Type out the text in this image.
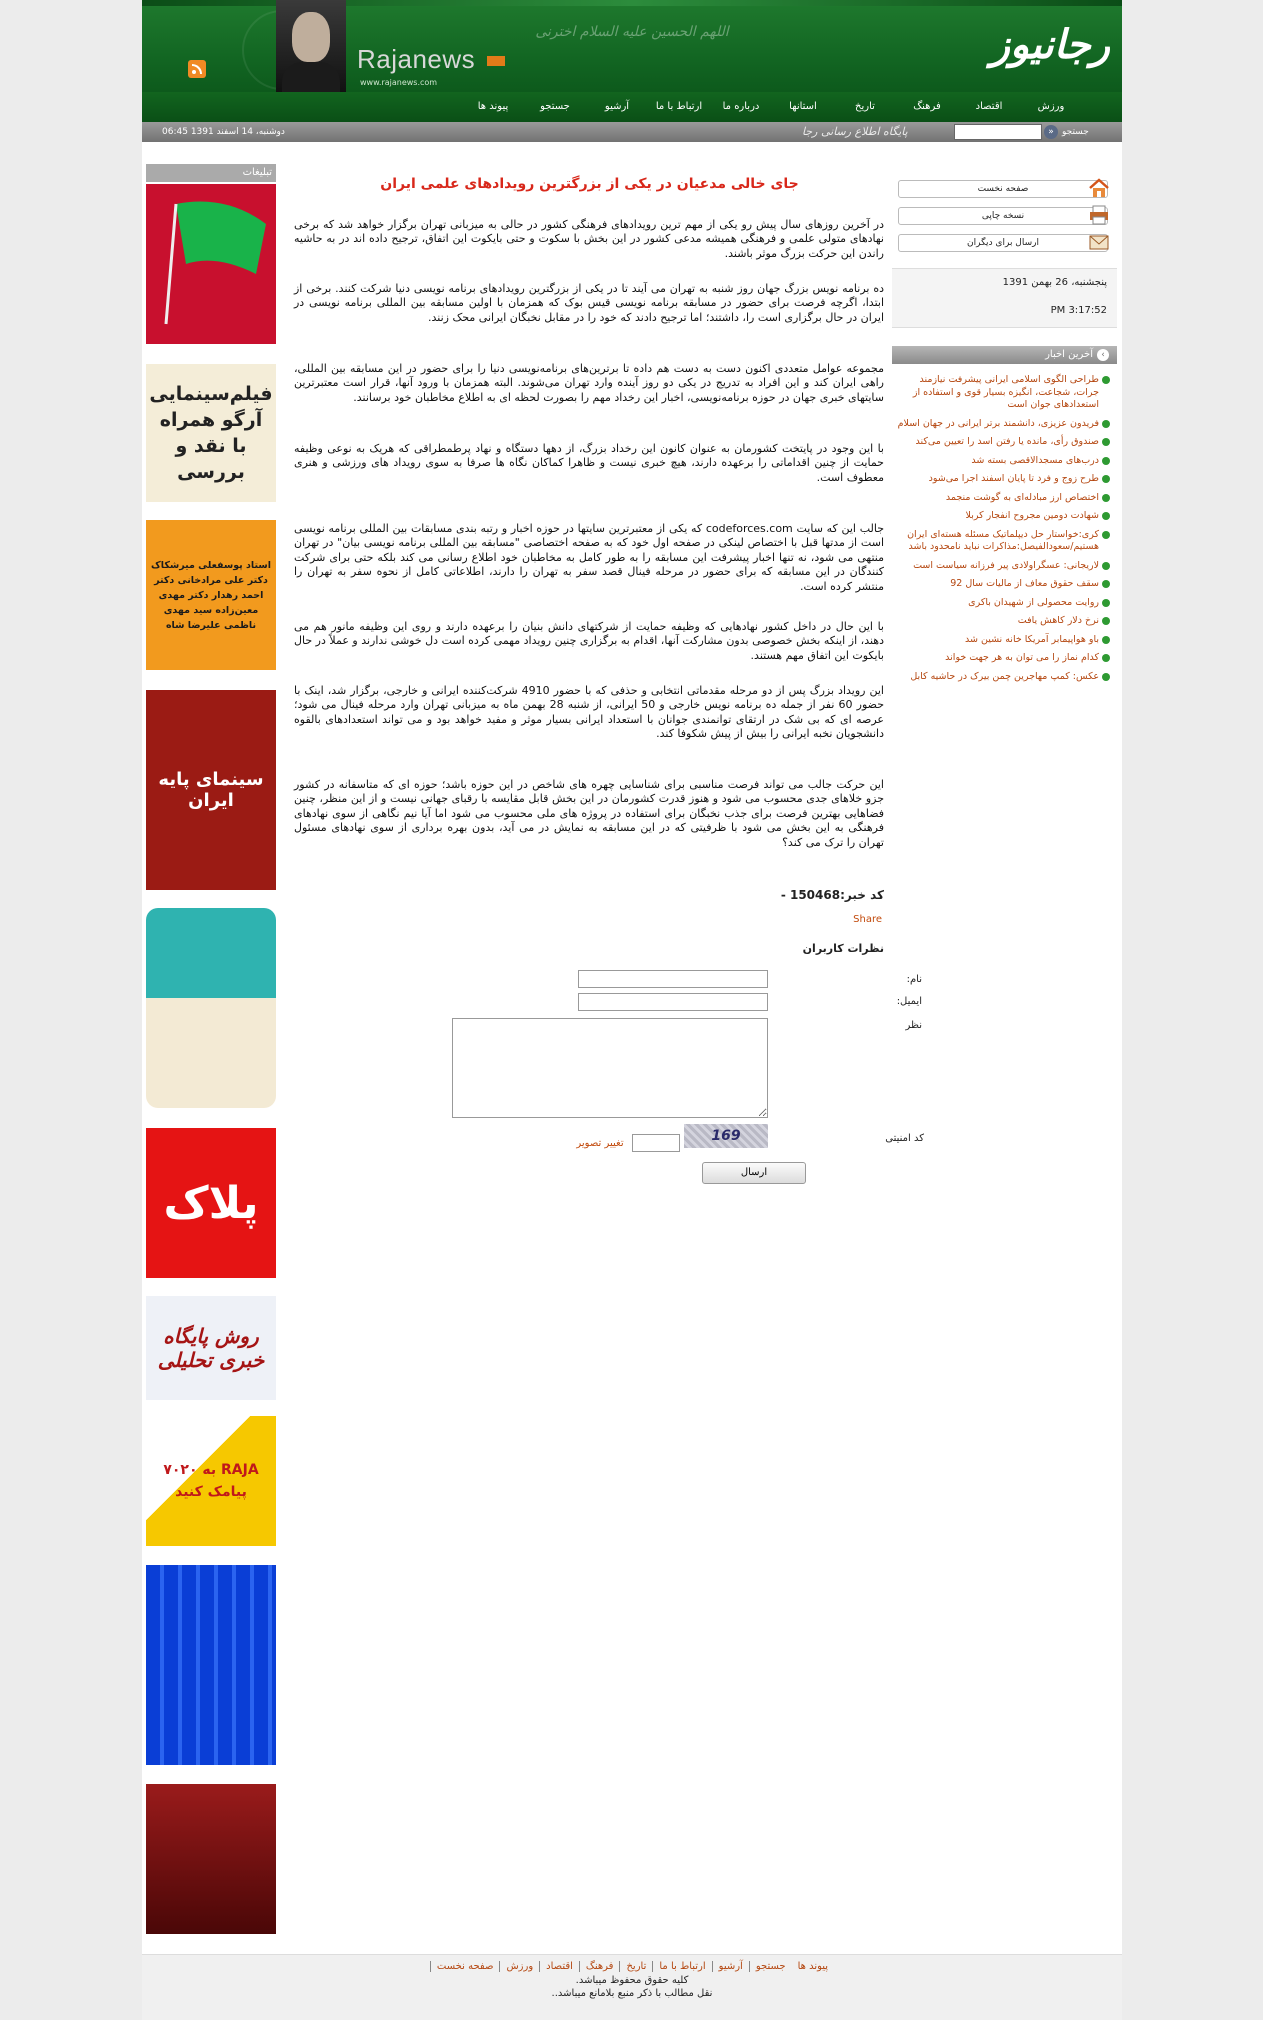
Rajanews
www.rajanews.com
اللهم الحسین علیه السلام اخترنی	رجانیوز
ورزش
اقتصاد
فرهنگ
تاریخ
استانها
درباره ما
ارتباط با ما
آرشیو
جستجو
پیوند ها
دوشنبه، 14 اسفند 1391 06:45	پایگاه اطلاع رسانی رجا	» جستجو
تبلیغات
فیلم‌سینمایی آرگو همراه با نقد و بررسی
استاد پوسفعلی میرشکاک دکتر علی مرادخانی دکتر احمد رهدار دکتر مهدی معین‌زاده سید مهدی ناظمی علیرضا شاه
سینمای پایه ایران
پلاک
روش پایگاه خبری تحلیلی
RAJA به ۷۰۲۰ پیامک کنید
جای خالی مدعیان در یکی از بزرگترین رویدادهای علمی ایران
در آخرین روزهای سال پیش رو یکی از مهم ترین رویدادهای فرهنگی کشور در حالی به میزبانی تهران برگزار خواهد شد که برخی نهادهای متولی علمی و فرهنگی همیشه مدعی کشور در این بخش با سکوت و حتی بایکوت این اتفاق، ترجیح داده اند در به حاشیه راندن این حرکت بزرگ موثر باشند.
ده برنامه نویس بزرگ جهان روز شنبه به تهران می آیند تا در یکی از بزرگترین رویدادهای برنامه نویسی دنیا شرکت کنند. برخی از ابتدا، اگرچه فرصت برای حضور در مسابقه برنامه نویسی قیس بوک که همزمان با اولین مسابقه بین المللی برنامه نویسی در ایران در حال برگزاری است را، داشتند؛ اما ترجیح دادند که خود را در مقابل نخبگان ایرانی محک زنند.
مجموعه عوامل متعددی اکنون دست به دست هم داده تا برترین‌های برنامه‌نویسی دنیا را برای حضور در این مسابقه بین المللی، راهی ایران کند و این افراد به تدریج در یکی دو روز آینده وارد تهران می‌شوند. البته همزمان با ورود آنها، قرار است معتبرترین سایتهای خبری جهان در حوزه برنامه‌نویسی، اخبار این رخداد مهم را بصورت لحظه ای به اطلاع مخاطبان خود برسانند.
با این وجود در پایتخت کشورمان به عنوان کانون این رخداد بزرگ، از دهها دستگاه و نهاد پرطمطراقی که هریک به نوعی وظیفه حمایت از چنین اقداماتی را برعهده دارند، هیچ خبری نیست و ظاهرا کماکان نگاه ها صرفا به سوی رویداد های ورزشی و هنری معطوف است.
جالب این که سایت codeforces.com که یکی از معتبرترین سایتها در حوزه اخبار و رتبه بندی مسابقات بین المللی برنامه نویسی است از مدتها قبل با اختصاص لینکی در صفحه اول خود که به صفحه اختصاصی "مسابقه بین المللی برنامه نویسی بیان" در تهران منتهی می شود، نه تنها اخبار پیشرفت این مسابقه را به طور کامل به مخاطبان خود اطلاع رسانی می کند بلکه حتی برای شرکت کنندگان در این مسابقه که برای حضور در مرحله فینال قصد سفر به تهران را دارند، اطلاعاتی کامل از نحوه سفر به تهران را منتشر کرده است.
با این حال در داخل کشور نهادهایی که وظیفه حمایت از شرکتهای دانش بنیان را برعهده دارند و روی این وظیفه مانور هم می دهند، از اینکه بخش خصوصی بدون مشارکت آنها، اقدام به برگزاری چنین رویداد مهمی کرده است دل خوشی ندارند و عملاً در حال بایکوت این اتفاق مهم هستند.
این رویداد بزرگ پس از دو مرحله مقدماتی انتخابی و حذفی که با حضور 4910 شرکت‌کننده ایرانی و خارجی، برگزار شد، اینک با حضور 60 نفر از جمله ده برنامه نویس خارجی و 50 ایرانی، از شنبه 28 بهمن ماه به میزبانی تهران وارد مرحله فینال می شود؛ عرصه ای که بی شک در ارتقای توانمندی جوانان با استعداد ایرانی بسیار موثر و مفید خواهد بود و می تواند استعدادهای بالقوه دانشجویان نخبه ایرانی را بیش از پیش شکوفا کند.
این حرکت جالب می تواند فرصت مناسبی برای شناسایی چهره های شاخص در این حوزه باشد؛ حوزه ای که متاسفانه در کشور جزو خلاهای جدی محسوب می شود و هنوز قدرت کشورمان در این بخش قابل مقایسه با رقبای جهانی نیست و از این منظر، چنین فضاهایی بهترین فرصت برای جذب نخبگان برای استفاده در پروژه های ملی محسوب می شود اما آیا نیم نگاهی از سوی نهادهای فرهنگی به این بخش می شود با ظرفیتی که در این مسابقه به نمایش در می آید، بدون بهره برداری از سوی نهادهای مسئول تهران را ترک می کند؟
کد خبر:150468 -
Share
نظرات کاربران
نام:
ایمیل:
نظر
کد امنیتی
169
تغییر تصویر
ارسال
صفحه نخست
نسخه چاپی
ارسال برای دیگران
پنجشنبه، 26 بهمن 1391
3:17:52 PM
آخرین اخبار ‹
طراحی الگوی اسلامی ایرانی پیشرفت نیازمند جرات، شجاعت، انگیزه بسیار قوی و استفاده از استعدادهای جوان است
فریدون عزیزی، دانشمند برتر ایرانی در جهان اسلام
صندوق رأی، مانده یا رفتن اسد را تعیین می‌کند
درب‌های مسجدالاقصی بسته شد
طرح زوج و فرد تا پایان اسفند اجرا می‌شود
اختصاص ارز مبادله‌ای به گوشت منجمد
شهادت دومین مجروح انفجار کربلا
کری:خواستار حل دیپلماتیک مسئله هسته‌ای ایران هستیم/سعودالفیصل:مذاکرات نباید نامحدود باشد
لاریجانی: عسگراولادی پیر فرزانه سیاست است
سقف حقوق معاف از مالیات سال 92
روایت محصولی از شهیدان باکری
نرخ دلار کاهش یافت
باو هواپیمابر آمریکا خانه نشین شد
کدام نماز را می توان به هر جهت خواند
عکس: کمپ مهاجرین چمن بیرک در حاشیه کابل
صفحه نخست	ورزش	اقتصاد	فرهنگ	تاریخ	ارتباط با ما	آرشیو	جستجو	پیوند ها
کلیه حقوق محفوظ میباشد.
نقل مطالب با ذکر منبع بلامانع میباشد..
